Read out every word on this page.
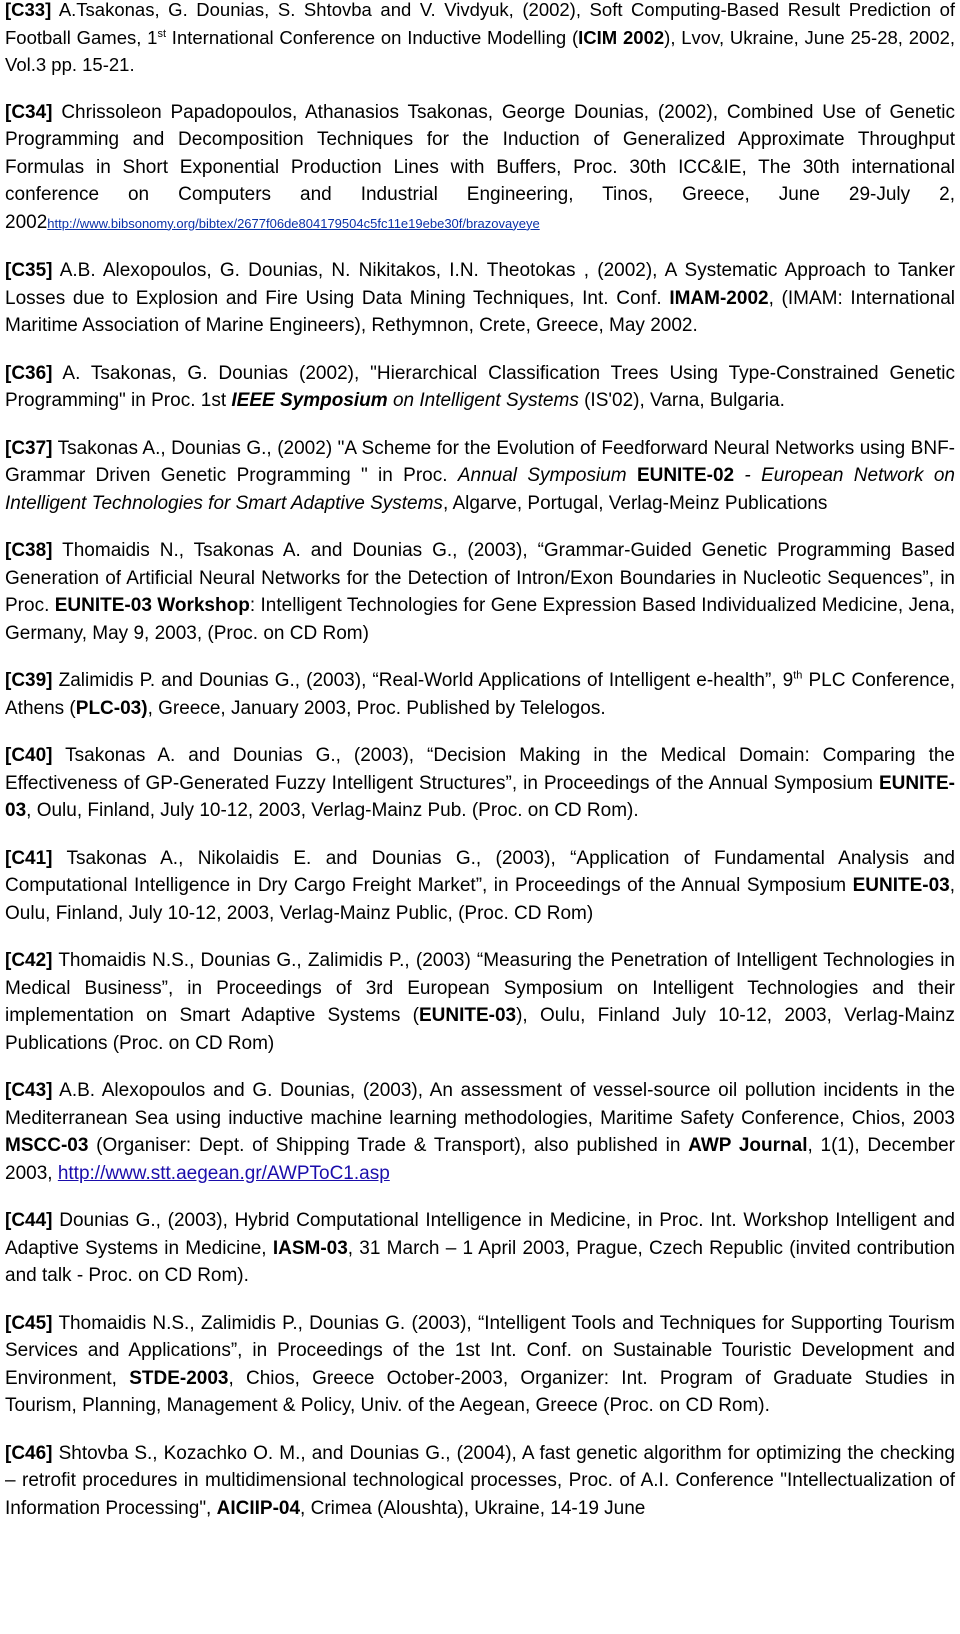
[C33] A.Tsakonas, G. Dounias, S. Shtovba and V. Vivdyuk, (2002), Soft Computing-Based Result Prediction of Football Games, 1st International Conference on Inductive Modelling (ICIM 2002), Lvov, Ukraine, June 25-28, 2002, Vol.3 pp. 15-21.

[C34] Chrissoleon Papadopoulos, Athanasios Tsakonas, George Dounias, (2002), Combined Use of Genetic Programming and Decomposition Techniques for the Induction of Generalized Approximate Throughput Formulas in Short Exponential Production Lines with Buffers, Proc. 30th ICC&IE, The 30th international conference on Computers and Industrial Engineering, Tinos, Greece, June 29-July 2, 2002http://www.bibsonomy.org/bibtex/2677f06de804179504c5fc11e19ebe30f/brazovayeye

[C35] A.B. Alexopoulos, G. Dounias, N. Nikitakos, I.N. Theotokas , (2002), A Systematic Approach to Tanker Losses due to Explosion and Fire Using Data Mining Techniques, Int. Conf. IMAM-2002, (IMAM: International Maritime Association of Marine Engineers), Rethymnon, Crete, Greece, May 2002.

[C36] A. Tsakonas, G. Dounias (2002), "Hierarchical Classification Trees Using Type-Constrained Genetic Programming" in Proc. 1st IEEE Symposium on Intelligent Systems (IS'02), Varna, Bulgaria.

[C37] Tsakonas A., Dounias G., (2002) "A Scheme for the Evolution of Feedforward Neural Networks using BNF-Grammar Driven Genetic Programming " in Proc. Annual Symposium EUNITE-02 - European Network on Intelligent Technologies for Smart Adaptive Systems, Algarve, Portugal, Verlag-Meinz Publications

[C38] Thomaidis N., Tsakonas A. and Dounias G., (2003), “Grammar-Guided Genetic Programming Based Generation of Artificial Neural Networks for the Detection of Intron/Exon Boundaries in Nucleotic Sequences”, in Proc. EUNITE-03 Workshop: Intelligent Technologies for Gene Expression Based Individualized Medicine, Jena, Germany, May 9, 2003, (Proc. on CD Rom)

[C39] Zalimidis P. and Dounias G., (2003), “Real-World Applications of Intelligent e-health”, 9th PLC Conference, Athens (PLC-03), Greece, January 2003, Proc. Published by Telelogos.

[C40] Tsakonas A. and Dounias G., (2003), “Decision Making in the Medical Domain: Comparing the Effectiveness of GP-Generated Fuzzy Intelligent Structures”, in Proceedings of the Annual Symposium EUNITE-03, Oulu, Finland, July 10-12, 2003, Verlag-Mainz Pub. (Proc. on CD Rom).

[C41] Tsakonas A., Nikolaidis E. and Dounias G., (2003), “Application of Fundamental Analysis and Computational Intelligence in Dry Cargo Freight Market”, in Proceedings of the Annual Symposium EUNITE-03, Oulu, Finland, July 10-12, 2003, Verlag-Mainz Public, (Proc. CD Rom)

[C42] Thomaidis N.S., Dounias G., Zalimidis P., (2003) “Measuring the Penetration of Intelligent Technologies in Medical Business”, in Proceedings of 3rd European Symposium on Intelligent Technologies and their implementation on Smart Adaptive Systems (EUNITE-03), Oulu, Finland July 10-12, 2003, Verlag-Mainz Publications (Proc. on CD Rom)

[C43] A.B. Alexopoulos and G. Dounias, (2003), An assessment of vessel-source oil pollution incidents in the Mediterranean Sea using inductive machine learning methodologies, Maritime Safety Conference, Chios, 2003 MSCC-03 (Organiser: Dept. of Shipping Trade & Transport), also published in AWP Journal, 1(1), December 2003, http://www.stt.aegean.gr/AWPToC1.asp

[C44] Dounias G., (2003), Hybrid Computational Intelligence in Medicine, in Proc. Int. Workshop Intelligent and Adaptive Systems in Medicine, IASM-03, 31 March – 1 April 2003, Prague, Czech Republic (invited contribution and talk - Proc. on CD Rom).

[C45] Thomaidis N.S., Zalimidis P., Dounias G. (2003), “Intelligent Tools and Techniques for Supporting Tourism Services and Applications”, in Proceedings of the 1st Int. Conf. on Sustainable Touristic Development and Environment, STDE-2003, Chios, Greece October-2003, Organizer: Int. Program of Graduate Studies in Tourism, Planning, Management & Policy, Univ. of the Aegean, Greece (Proc. on CD Rom).

[C46] Shtovba S., Kozachko O. M., and Dounias G., (2004), A fast genetic algorithm for optimizing the checking – retrofit procedures in multidimensional technological processes, Proc. of A.I. Conference "Intellectualization of Information Processing", AICIIP-04, Crimea (Aloushta), Ukraine, 14-19 June
